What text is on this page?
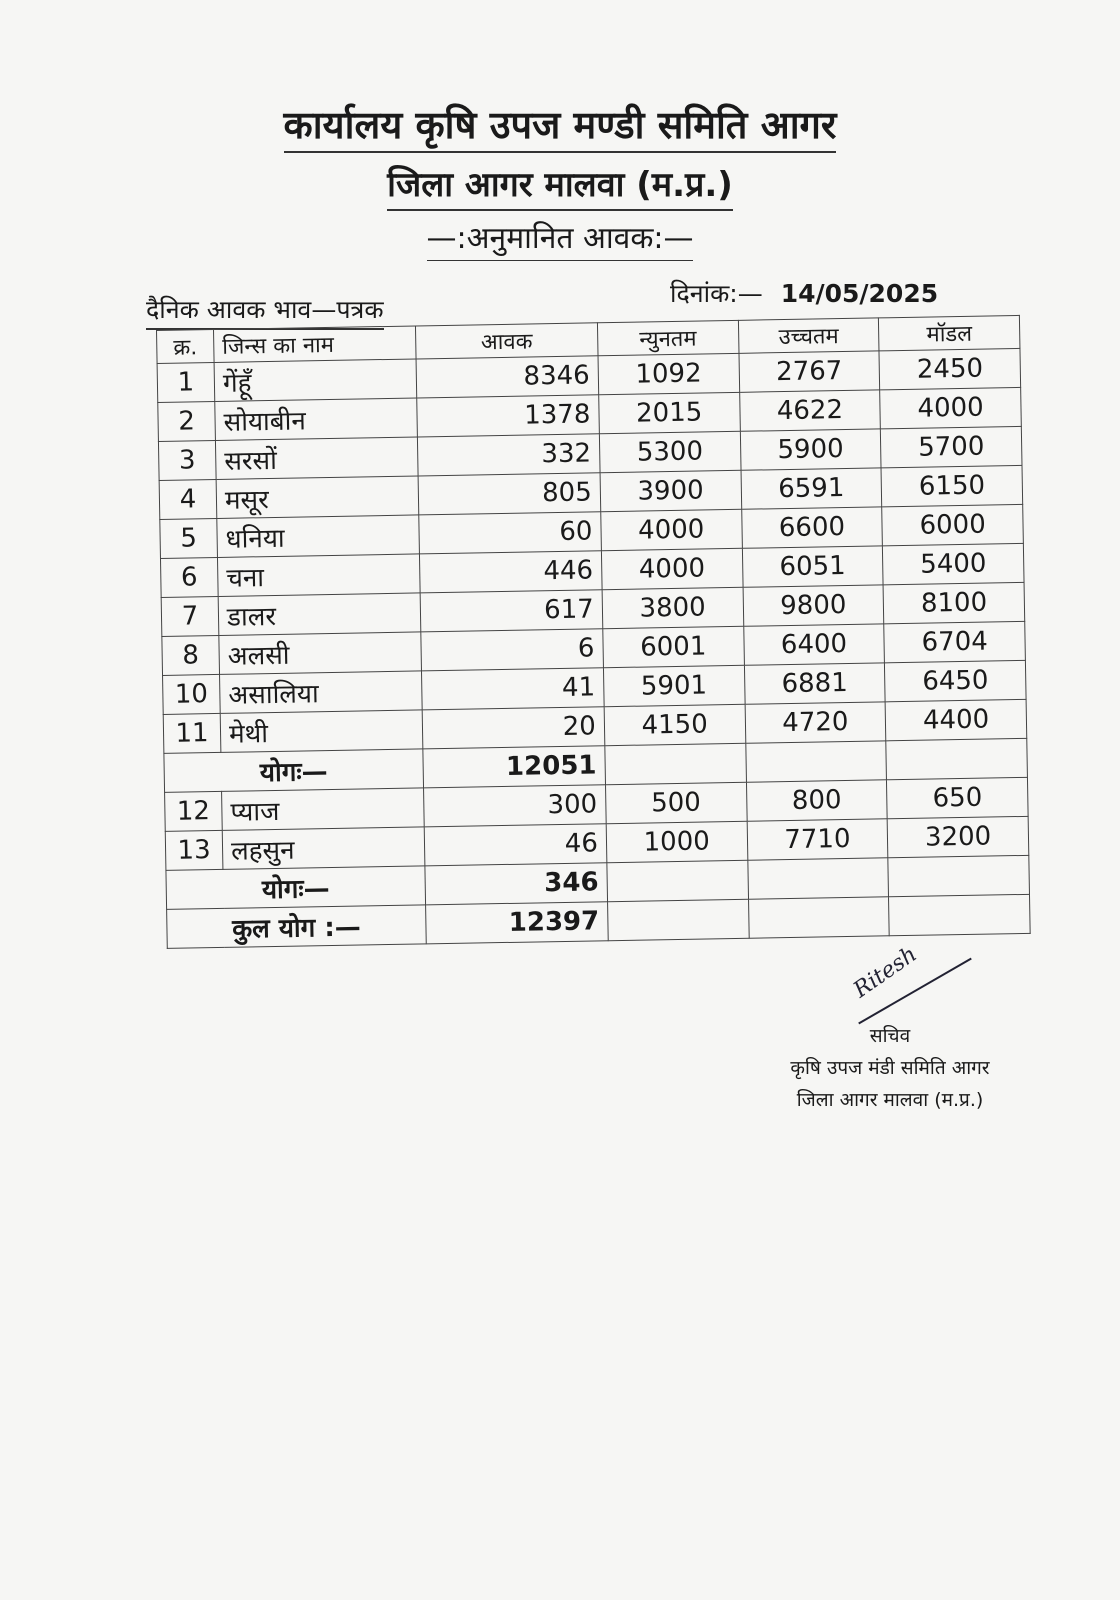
कार्यालय कृषि उपज मण्डी समिति आगर
जिला आगर मालवा (म.प्र.)
—:अनुमानित आवक:—
दैनिक आवक भाव—पत्रक
दिनांक:— 14/05/2025
क्र.	जिन्स का नाम	आवक	न्युनतम	उच्चतम	मॉडल
1	गेंहूँ	8346	1092	2767	2450
2	सोयाबीन	1378	2015	4622	4000
3	सरसों	332	5300	5900	5700
4	मसूर	805	3900	6591	6150
5	धनिया	60	4000	6600	6000
6	चना	446	4000	6051	5400
7	डालर	617	3800	9800	8100
8	अलसी	6	6001	6400	6704
10	असालिया	41	5901	6881	6450
11	मेथी	20	4150	4720	4400
योगः—		12051			
12	प्याज	300	500	800	650
13	लहसुन	46	1000	7710	3200
योगः—		346			
कुल योग :—		12397			
Ritesh
सचिव
कृषि उपज मंडी समिति आगर
जिला आगर मालवा (म.प्र.)
